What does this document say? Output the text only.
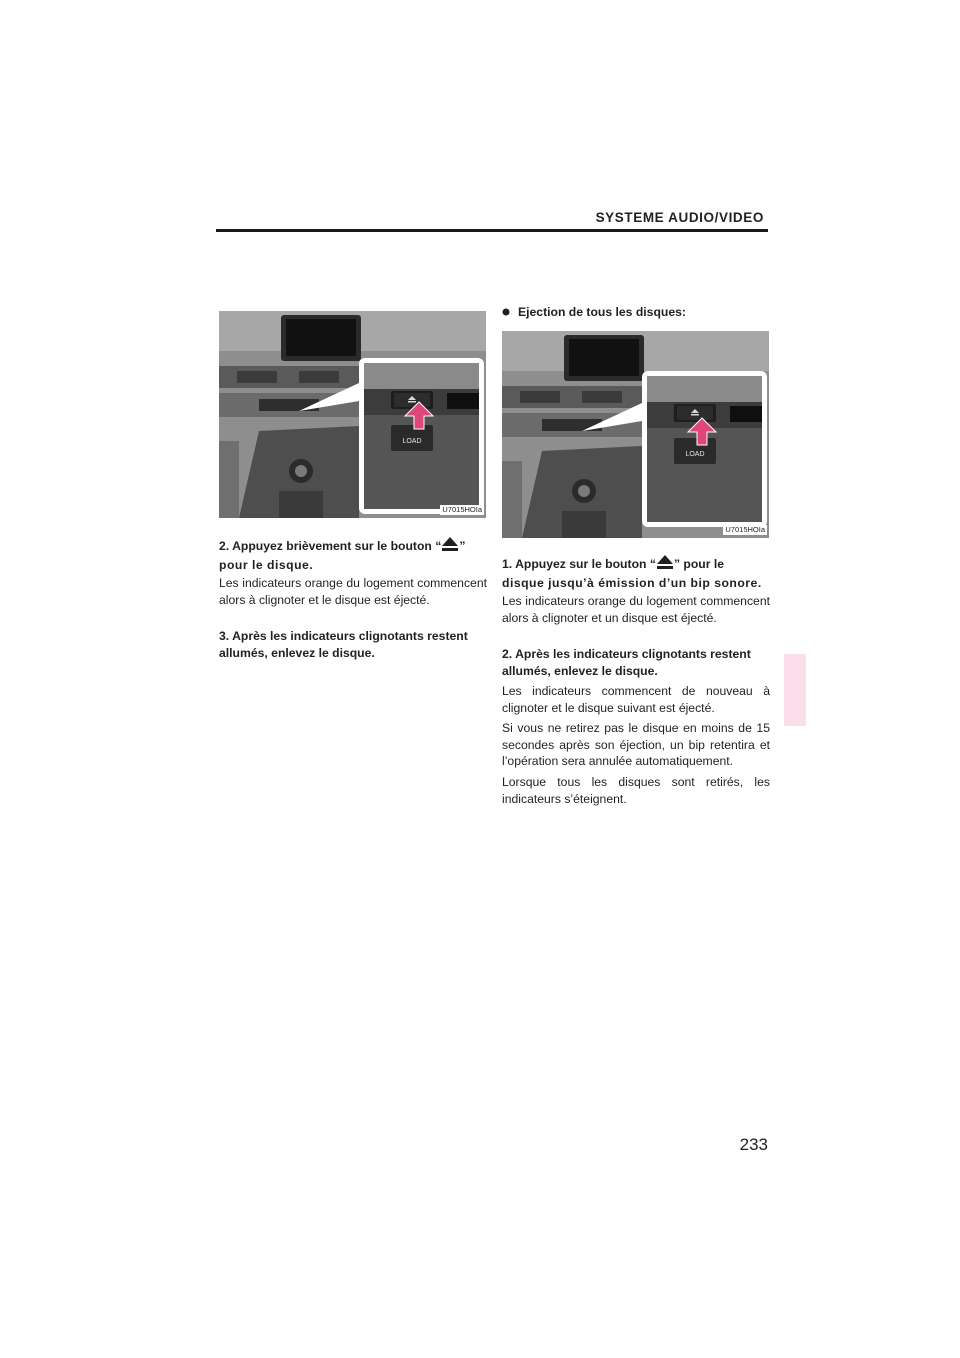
SYSTEME AUDIO/VIDEO
LOAD
U7015HOIa
2. Appuyez brièvement sur le bouton “ ”
pour le disque.
Les indicateurs orange du logement commencent alors à clignoter et le disque est éjecté.
3. Après les indicateurs clignotants restent allumés, enlevez le disque.
Ejection de tous les disques:
LOAD
U7015HOIa
1. Appuyez sur le bouton “ ” pour le
disque jusqu’à émission d’un bip sonore.
Les indicateurs orange du logement commencent alors à clignoter et un disque est éjecté.
2. Après les indicateurs clignotants restent allumés, enlevez le disque.
Les indicateurs commencent de nouveau à clignoter et le disque suivant est éjecté.
Si vous ne retirez pas le disque en moins de 15 secondes après son éjection, un bip retentira et l’opération sera annulée automatiquement.
Lorsque tous les disques sont retirés, les indicateurs s’éteignent.
233
